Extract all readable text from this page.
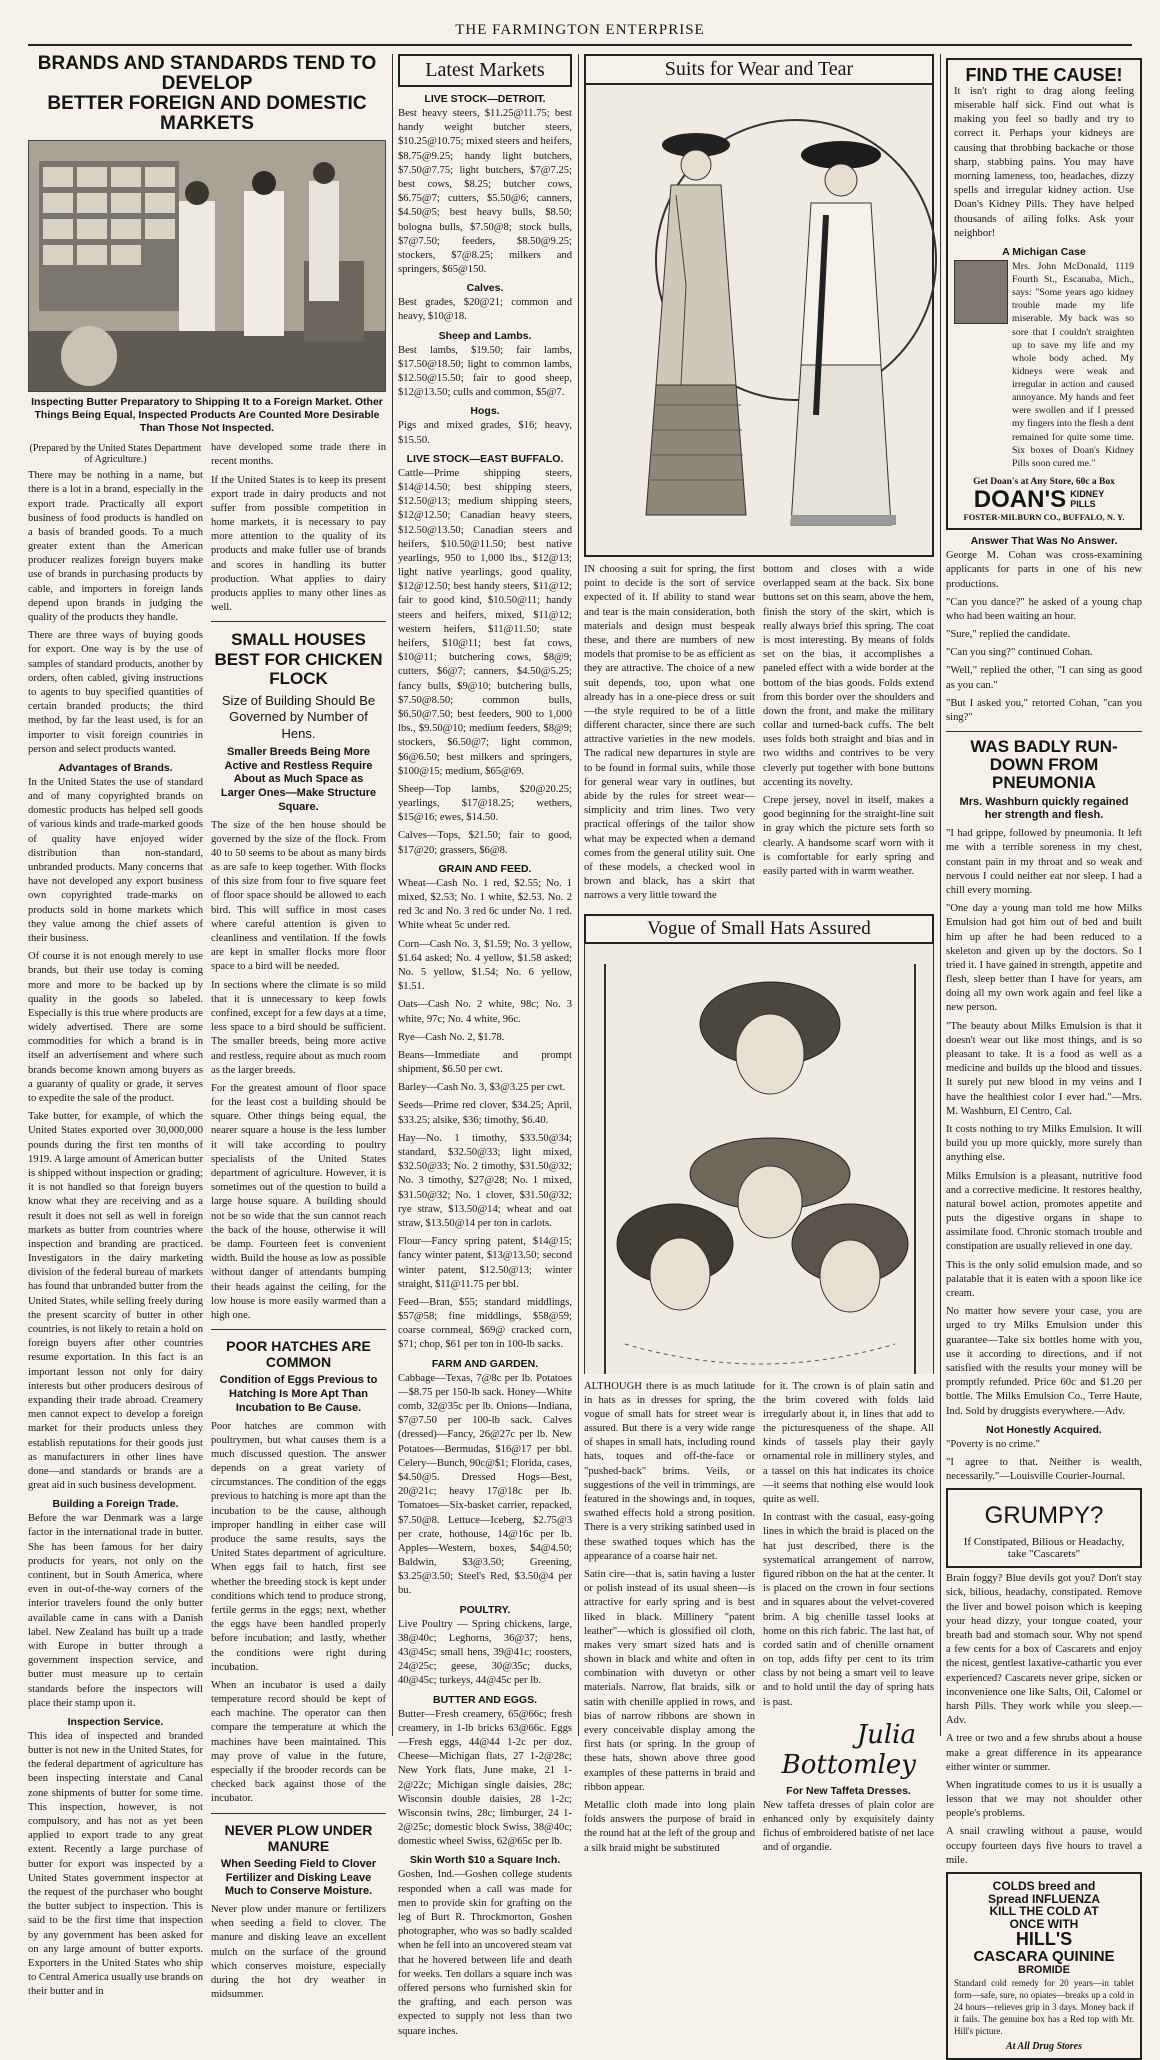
THE FARMINGTON ENTERPRISE
BRANDS AND STANDARDS TEND TO DEVELOP
BETTER FOREIGN AND DOMESTIC MARKETS
Inspecting Butter Preparatory to Shipping It to a Foreign Market. Other Things Being Equal, Inspected Products Are Counted More Desirable Than Those Not Inspected.
(Prepared by the United States Department of Agriculture.)

There may be nothing in a name, but there is a lot in a brand, especially in the export trade. Practically all export business of food products is handled on a basis of branded goods. To a much greater extent than the American producer realizes foreign buyers make use of brands in purchasing products by cable, and importers in foreign lands depend upon brands in judging the quality of the products they handle.

There are three ways of buying goods for export. One way is by the use of samples of standard products, another by orders, often cabled, giving instructions to agents to buy specified quantities of certain branded products; the third method, by far the least used, is for an importer to visit foreign countries in person and select products wanted.

Advantages of Brands.

In the United States the use of standard and of many copyrighted brands on domestic products has helped sell goods of various kinds and trade-marked goods of quality have enjoyed wider distribution than non-standard, unbranded products. Many concerns that have not developed any export business own copyrighted trade-marks on products sold in home markets which they value among the chief assets of their business.

Of course it is not enough merely to use brands, but their use today is coming more and more to be backed up by quality in the goods so labeled. Especially is this true where products are widely advertised. There are some commodities for which a brand is in itself an advertisement and where such brands become known among buyers as a guaranty of quality or grade, it serves to expedite the sale of the product.

Take butter, for example, of which the United States exported over 30,000,000 pounds during the first ten months of 1919. A large amount of American butter is shipped without inspection or grading; it is not handled so that foreign buyers know what they are receiving and as a result it does not sell as well in foreign markets as butter from countries where inspection and branding are practiced. Investigators in the dairy marketing division of the federal bureau of markets has found that unbranded butter from the United States, while selling freely during the present scarcity of butter in other countries, is not likely to retain a hold on foreign buyers after other countries resume exportation. In this fact is an important lesson not only for dairy interests but other producers desirous of expanding their trade abroad. Creamery men cannot expect to develop a foreign market for their products unless they establish reputations for their goods just as manufacturers in other lines have done—and standards or brands are a great aid in such business development.

Building a Foreign Trade.

Before the war Denmark was a large factor in the international trade in butter. She has been famous for her dairy products for years, not only on the continent, but in South America, where even in out-of-the-way corners of the interior travelers found the only butter available came in cans with a Danish label. New Zealand has built up a trade with Europe in butter through a government inspection service, and butter must measure up to certain standards before the inspectors will place their stamp upon it.

Inspection Service.

This idea of inspected and branded butter is not new in the United States, for the federal department of agriculture has been inspecting interstate and Canal zone shipments of butter for some time. This inspection, however, is not compulsory, and has not as yet been applied to export trade to any great extent. Recently a large purchase of butter for export was inspected by a United States government inspector at the request of the purchaser who bought the butter subject to inspection. This is said to be the first time that inspection by any government has been asked for on any large amount of butter exports. Exporters in the United States who ship to Central America usually use brands on their butter and in

have developed some trade there in recent months.

If the United States is to keep its present export trade in dairy products and not suffer from possible competition in home markets, it is necessary to pay more attention to the quality of its products and make fuller use of brands and scores in handling its butter production. What applies to dairy products applies to many other lines as well.

SMALL HOUSES BEST FOR CHICKEN FLOCK
Size of Building Should Be Governed by Number of Hens.
Smaller Breeds Being More Active and Restless Require About as Much Space as Larger Ones—Make Structure Square.

The size of the hen house should be governed by the size of the flock. From 40 to 50 seems to be about as many birds as are safe to keep together. With flocks of this size from four to five square feet of floor space should be allowed to each bird. This will suffice in most cases where careful attention is given to cleanliness and ventilation. If the fowls are kept in smaller flocks more floor space to a bird will be needed.

In sections where the climate is so mild that it is unnecessary to keep fowls confined, except for a few days at a time, less space to a bird should be sufficient. The smaller breeds, being more active and restless, require about as much room as the larger breeds.

For the greatest amount of floor space for the least cost a building should be square. Other things being equal, the nearer square a house is the less lumber it will take according to poultry specialists of the United States department of agriculture. However, it is sometimes out of the question to build a large house square. A building should not be so wide that the sun cannot reach the back of the house, otherwise it will be damp. Fourteen feet is convenient width. Build the house as low as possible without danger of attendants bumping their heads against the ceiling, for the low house is more easily warmed than a high one.

POOR HATCHES ARE COMMON
Condition of Eggs Previous to Hatching Is More Apt Than Incubation to Be Cause.

Poor hatches are common with poultrymen, but what causes them is a much discussed question. The answer depends on a great variety of circumstances. The condition of the eggs previous to hatching is more apt than the incubation to be the cause, although improper handling in either case will produce the same results, says the United States department of agriculture. When eggs fail to hatch, first see whether the breeding stock is kept under conditions which tend to produce strong, fertile germs in the eggs; next, whether the eggs have been handled properly before incubation; and lastly, whether the conditions were right during incubation.

When an incubator is used a daily temperature record should be kept of each machine. The operator can then compare the temperature at which the machines have been maintained. This may prove of value in the future, especially if the brooder records can be checked back against those of the incubator.

NEVER PLOW UNDER MANURE
When Seeding Field to Clover Fertilizer and Disking Leave Much to Conserve Moisture.

Never plow under manure or fertilizers when seeding a field to clover. The manure and disking leave an excellent mulch on the surface of the ground which conserves moisture, especially during the hot dry weather in midsummer.

Latest Markets
LIVE STOCK—DETROIT.

Best heavy steers, $11.25@11.75; best handy weight butcher steers, $10.25@10.75; mixed steers and heifers, $8.75@9.25; handy light butchers, $7.50@7.75; light butchers, $7@7.25; best cows, $8.25; butcher cows, $6.75@7; cutters, $5.50@6; canners, $4.50@5; best heavy bulls, $8.50; bologna bulls, $7.50@8; stock bulls, $7@7.50; feeders, $8.50@9.25; stockers, $7@8.25; milkers and springers, $65@150.

Calves.

Best grades, $20@21; common and heavy, $10@18.

Sheep and Lambs.

Best lambs, $19.50; fair lambs, $17.50@18.50; light to common lambs, $12.50@15.50; fair to good sheep, $12@13.50; culls and common, $5@7.

Hogs.

Pigs and mixed grades, $16; heavy, $15.50.

LIVE STOCK—EAST BUFFALO.

Cattle—Prime shipping steers, $14@14.50; best shipping steers, $12.50@13; medium shipping steers, $12@12.50; Canadian heavy steers, $12.50@13.50; Canadian steers and heifers, $10.50@11.50; best native yearlings, 950 to 1,000 lbs., $12@13; light native yearlings, good quality, $12@12.50; best handy steers, $11@12; fair to good kind, $10.50@11; handy steers and heifers, mixed, $11@12; western heifers, $11@11.50; state heifers, $10@11; best fat cows, $10@11; butchering cows, $8@9; cutters, $6@7; canners, $4.50@5.25; fancy bulls, $9@10; butchering bulls, $7.50@8.50; common bulls, $6.50@7.50; best feeders, 900 to 1,000 lbs., $9.50@10; medium feeders, $8@9; stockers, $6.50@7; light common, $6@6.50; best milkers and springers, $100@15; medium, $65@69.

Sheep—Top lambs, $20@20.25; yearlings, $17@18.25; wethers, $15@16; ewes, $14.50.

Calves—Tops, $21.50; fair to good, $17@20; grassers, $6@8.

GRAIN AND FEED.

Wheat—Cash No. 1 red, $2.55; No. 1 mixed, $2.53; No. 1 white, $2.53. No. 2 red 3c and No. 3 red 6c under No. 1 red. White wheat 5c under red.

Corn—Cash No. 3, $1.59; No. 3 yellow, $1.64 asked; No. 4 yellow, $1.58 asked; No. 5 yellow, $1.54; No. 6 yellow, $1.51.

Oats—Cash No. 2 white, 98c; No. 3 white, 97c; No. 4 white, 96c.

Rye—Cash No. 2, $1.78.

Beans—Immediate and prompt shipment, $6.50 per cwt.

Barley—Cash No. 3, $3@3.25 per cwt.

Seeds—Prime red clover, $34.25; April, $33.25; alsike, $36; timothy, $6.40.

Hay—No. 1 timothy, $33.50@34; standard, $32.50@33; light mixed, $32.50@33; No. 2 timothy, $31.50@32; No. 3 timothy, $27@28; No. 1 mixed, $31.50@32; No. 1 clover, $31.50@32; rye straw, $13.50@14; wheat and oat straw, $13.50@14 per ton in carlots.

Flour—Fancy spring patent, $14@15; fancy winter patent, $13@13.50; second winter patent, $12.50@13; winter straight, $11@11.75 per bbl.

Feed—Bran, $55; standard middlings, $57@58; fine middlings, $58@59; coarse cornmeal, $69@ cracked corn, $71; chop, $61 per ton in 100-lb sacks.

FARM AND GARDEN.

Cabbage—Texas, 7@8c per lb. Potatoes—$8.75 per 150-lb sack. Honey—White comb, 32@35c per lb. Onions—Indiana, $7@7.50 per 100-lb sack. Calves (dressed)—Fancy, 26@27c per lb. New Potatoes—Bermudas, $16@17 per bbl. Celery—Bunch, 90c@$1; Florida, cases, $4.50@5. Dressed Hogs—Best, 20@21c; heavy 17@18c per lb. Tomatoes—Six-basket carrier, repacked, $7.50@8. Lettuce—Iceberg, $2.75@3 per crate, hothouse, 14@16c per lb. Apples—Western, boxes, $4@4.50; Baldwin, $3@3.50; Greening, $3.25@3.50; Steel's Red, $3.50@4 per bu.

POULTRY.

Live Poultry — Spring chickens, large, 38@40c; Leghorns, 36@37; hens, 43@45c; small hens, 39@41c; roosters, 24@25c; geese, 30@35c; ducks, 40@45c; turkeys, 44@45c per lb.

BUTTER AND EGGS.

Butter—Fresh creamery, 65@66c; fresh creamery, in 1-lb bricks 63@66c. Eggs—Fresh eggs, 44@44 1-2c per doz. Cheese—Michigan flats, 27 1-2@28c; New York flats, June make, 21 1-2@22c; Michigan single daisies, 28c; Wisconsin double daisies, 28 1-2c; Wisconsin twins, 28c; limburger, 24 1-2@25c; domestic block Swiss, 38@40c; domestic wheel Swiss, 62@65c per lb.

Skin Worth $10 a Square Inch.

Goshen, Ind.—Goshen college students responded when a call was made for men to provide skin for grafting on the leg of Burt R. Throckmorton, Goshen photographer, who was so badly scalded when he fell into an uncovered steam vat that he hovered between life and death for weeks. Ten dollars a square inch was offered persons who furnished skin for the grafting, and each person was expected to supply not less than two square inches.

Suits for Wear and Tear

IN choosing a suit for spring, the first point to decide is the sort of service expected of it. If ability to stand wear and tear is the main consideration, both materials and design must bespeak these, and there are numbers of new models that promise to be as efficient as they are attractive. The choice of a new suit depends, too, upon what one already has in a one-piece dress or suit—the style required to be of a little different character, since there are such attractive varieties in the new models. The radical new departures in style are to be found in formal suits, while those for general wear vary in outlines, but abide by the rules for street wear—simplicity and trim lines. Two very practical offerings of the tailor show what may be expected when a demand comes from the general utility suit. One of these models, a checked wool in brown and black, has a skirt that narrows a very little toward the

bottom and closes with a wide overlapped seam at the back. Six bone buttons set on this seam, above the hem, finish the story of the skirt, which is really always brief this spring. The coat is most interesting. By means of folds set on the bias, it accomplishes a paneled effect with a wide border at the bottom of the bias goods. Folds extend from this border over the shoulders and down the front, and make the military collar and turned-back cuffs. The belt uses folds both straight and bias and in two widths and contrives to be very cleverly put together with bone buttons accenting its novelty.

Crepe jersey, novel in itself, makes a good beginning for the straight-line suit in gray which the picture sets forth so clearly. A handsome scarf worn with it is comfortable for early spring and easily parted with in warm weather.

Vogue of Small Hats Assured

ALTHOUGH there is as much latitude in hats as in dresses for spring, the vogue of small hats for street wear is assured. But there is a very wide range of shapes in small hats, including round hats, toques and off-the-face or "pushed-back" brims. Veils, or suggestions of the veil in trimmings, are featured in the showings and, in toques, swathed effects hold a strong position. There is a very striking satinbed used in these swathed toques which has the appearance of a coarse hair net.

Satin cire—that is, satin having a luster or polish instead of its usual sheen—is attractive for early spring and is best liked in black. Millinery "patent leather"—which is glossified oil cloth, makes very smart sized hats and is shown in black and white and often in combination with duvetyn or other materials. Narrow, flat braids, silk or satin with chenille applied in rows, and bias of narrow ribbons are shown in every conceivable display among the first hats (or spring. In the group of these hats, shown above three good examples of these patterns in braid and ribbon appear.

Metallic cloth made into long plain folds answers the purpose of braid in the round hat at the left of the group and a silk braid might be substituted

for it. The crown is of plain satin and the brim covered with folds laid irregularly about it, in lines that add to the picturesqueness of the shape. All kinds of tassels play their gayly ornamental role in millinery styles, and a tassel on this hat indicates its choice—it seems that nothing else would look quite as well.

In contrast with the casual, easy-going lines in which the braid is placed on the hat just described, there is the systematical arrangement of narrow, figured ribbon on the hat at the center. It is placed on the crown in four sections and in squares about the velvet-covered brim. A big chenille tassel looks at home on this rich fabric. The last hat, of corded satin and of chenille ornament on top, adds fifty per cent to its trim class by not being a smart veil to leave and to hold until the day of spring hats is past.

Julia Bottomley
For New Taffeta Dresses.

New taffeta dresses of plain color are enhanced only by exquisitely dainty fichus of embroidered batiste of net lace and of organdie.

FIND THE CAUSE!

It isn't right to drag along feeling miserable half sick. Find out what is making you feel so badly and try to correct it. Perhaps your kidneys are causing that throbbing backache or those sharp, stabbing pains. You may have morning lameness, too, headaches, dizzy spells and irregular kidney action. Use Doan's Kidney Pills. They have helped thousands of ailing folks. Ask your neighbor!

A Michigan Case

Mrs. John McDonald, 1119 Fourth St., Escanaba, Mich., says: "Some years ago kidney trouble made my life miserable. My back was so sore that I couldn't straighten up to save my life and my whole body ached. My kidneys were weak and irregular in action and caused annoyance. My hands and feet were swollen and if I pressed my fingers into the flesh a dent remained for quite some time. Six boxes of Doan's Kidney Pills soon cured me."

Get Doan's at Any Store, 60c a Box
DOAN'S KIDNEY PILLS
FOSTER-MILBURN CO., BUFFALO, N. Y.
Answer That Was No Answer.

George M. Cohan was cross-examining applicants for parts in one of his new productions.

"Can you dance?" he asked of a young chap who had been waiting an hour.

"Sure," replied the candidate.

"Can you sing?" continued Cohan.

"Well," replied the other, "I can sing as good as you can."

"But I asked you," retorted Cohan, "can you sing?"

WAS BADLY RUN-DOWN FROM PNEUMONIA
Mrs. Washburn quickly regained her strength and flesh.

"I had grippe, followed by pneumonia. It left me with a terrible soreness in my chest, constant pain in my throat and so weak and nervous I could neither eat nor sleep. I had a chill every morning.

"One day a young man told me how Milks Emulsion had got him out of bed and built him up after he had been reduced to a skeleton and given up by the doctors. So I tried it. I have gained in strength, appetite and flesh, sleep better than I have for years, am doing all my own work again and feel like a new person.

"The beauty about Milks Emulsion is that it doesn't wear out like most things, and is so pleasant to take. It is a food as well as a medicine and builds up the blood and tissues. It surely put new blood in my veins and I have the healthiest color I ever had."—Mrs. M. Washburn, El Centro, Cal.

It costs nothing to try Milks Emulsion. It will build you up more quickly, more surely than anything else.

Milks Emulsion is a pleasant, nutritive food and a corrective medicine. It restores healthy, natural bowel action, promotes appetite and puts the digestive organs in shape to assimilate food. Chronic stomach trouble and constipation are usually relieved in one day.

This is the only solid emulsion made, and so palatable that it is eaten with a spoon like ice cream.

No matter how severe your case, you are urged to try Milks Emulsion under this guarantee—Take six bottles home with you, use it according to directions, and if not satisfied with the results your money will be promptly refunded. Price 60c and $1.20 per bottle. The Milks Emulsion Co., Terre Haute, Ind. Sold by druggists everywhere.—Adv.

Not Honestly Acquired.

"Poverty is no crime."

"I agree to that. Neither is wealth, necessarily."—Louisville Courier-Journal.

GRUMPY?
If Constipated, Bilious or Headachy, take "Cascarets"

Brain foggy? Blue devils got you? Don't stay sick, bilious, headachy, constipated. Remove the liver and bowel poison which is keeping your head dizzy, your tongue coated, your breath bad and stomach sour. Why not spend a few cents for a box of Cascarets and enjoy the nicest, gentlest laxative-cathartic you ever experienced? Cascarets never gripe, sicken or inconvenience one like Salts, Oil, Calomel or harsh Pills. They work while you sleep.—Adv.

A tree or two and a few shrubs about a house make a great difference in its appearance either winter or summer.

When ingratitude comes to us it is usually a lesson that we may not shoulder other people's problems.

A snail crawling without a pause, would occupy fourteen days five hours to travel a mile.

COLDS breed and
Spread INFLUENZA
KILL THE COLD AT
ONCE WITH
HILL'S
CASCARA QUININE
BROMIDE

Standard cold remedy for 20 years—in tablet form—safe, sure, no opiates—breaks up a cold in 24 hours—relieves grip in 3 days. Money back if it fails. The genuine box has a Red top with Mr. Hill's picture.

At All Drug Stores
